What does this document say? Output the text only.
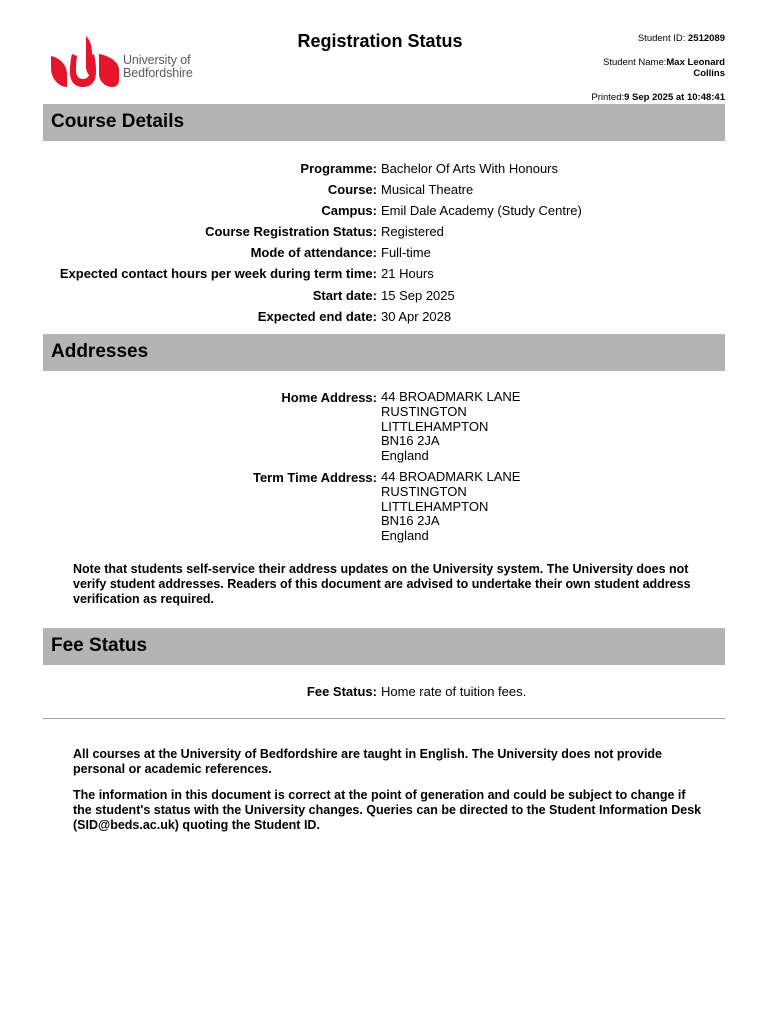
University of
Bedfordshire
Registration Status	Student ID: 2512089
Student Name:Max Leonard
Collins
Printed:9 Sep 2025 at 10:48:41
Course Details
Programme: Bachelor Of Arts With Honours
Course: Musical Theatre
Campus: Emil Dale Academy (Study Centre)
Course Registration Status: Registered
Mode of attendance: Full-time
Expected contact hours per week during term time: 21 Hours
Start date: 15 Sep 2025
Expected end date: 30 Apr 2028
Addresses
Home Address: 44 BROADMARK LANE
RUSTINGTON
LITTLEHAMPTON
BN16 2JA
England
Term Time Address: 44 BROADMARK LANE
RUSTINGTON
LITTLEHAMPTON
BN16 2JA
England
Note that students self-service their address updates on the University system. The University does not verify student addresses. Readers of this document are advised to undertake their own student address verification as required.
Fee Status
Fee Status: Home rate of tuition fees.
All courses at the University of Bedfordshire are taught in English. The University does not provide personal or academic references.
The information in this document is correct at the point of generation and could be subject to change if the student's status with the University changes. Queries can be directed to the Student Information Desk (SID@beds.ac.uk) quoting the Student ID.
